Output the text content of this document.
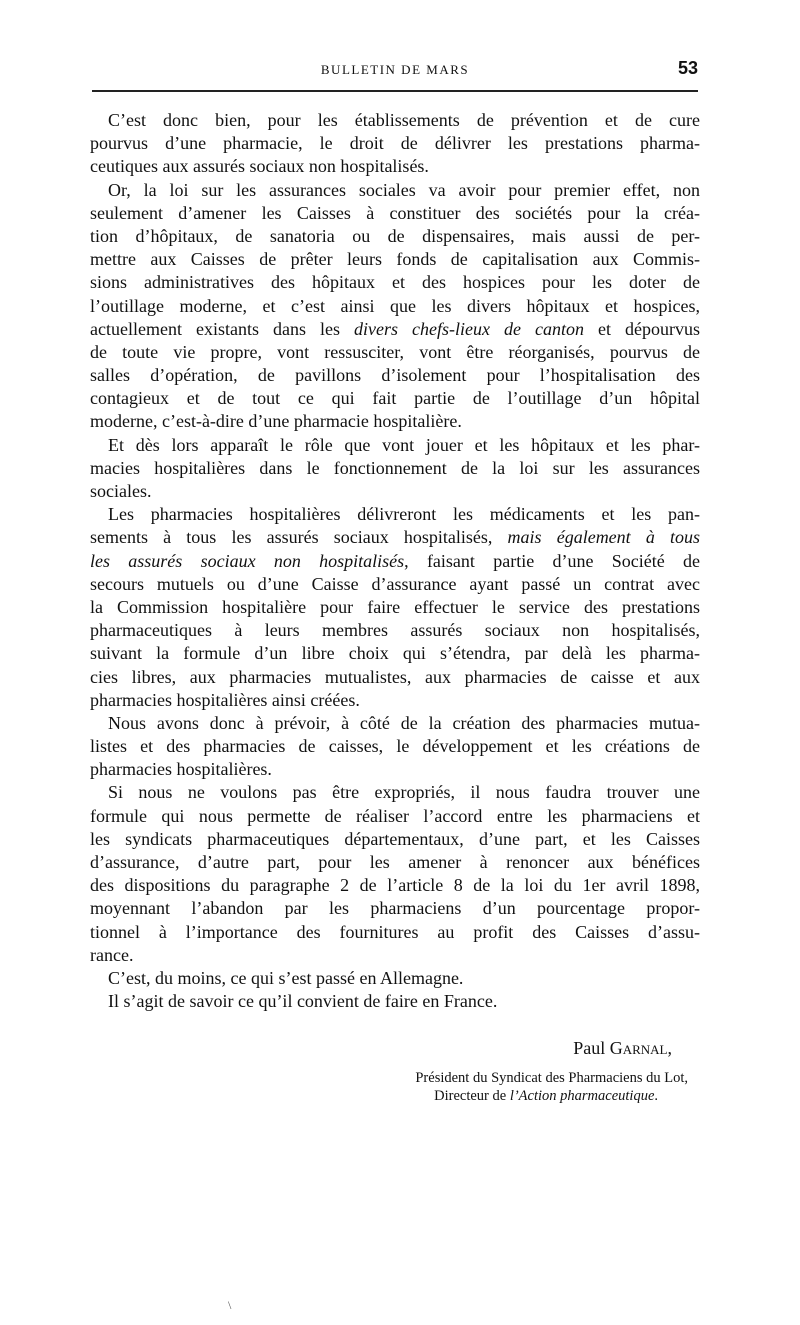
BULLETIN DE MARS	53
C’est donc bien, pour les établissements de prévention et de cure
pourvus d’une pharmacie, le droit de délivrer les prestations pharma-
ceutiques aux assurés sociaux non hospitalisés.
Or, la loi sur les assurances sociales va avoir pour premier effet, non
seulement d’amener les Caisses à constituer des sociétés pour la créa-
tion d’hôpitaux, de sanatoria ou de dispensaires, mais aussi de per-
mettre aux Caisses de prêter leurs fonds de capitalisation aux Commis-
sions administratives des hôpitaux et des hospices pour les doter de
l’outillage moderne, et c’est ainsi que les divers hôpitaux et hospices,
actuellement existants dans les divers chefs-lieux de canton et dépourvus
de toute vie propre, vont ressusciter, vont être réorganisés, pourvus de
salles d’opération, de pavillons d’isolement pour l’hospitalisation des
contagieux et de tout ce qui fait partie de l’outillage d’un hôpital
moderne, c’est-à-dire d’une pharmacie hospitalière.
Et dès lors apparaît le rôle que vont jouer et les hôpitaux et les phar-
macies hospitalières dans le fonctionnement de la loi sur les assurances
sociales.
Les pharmacies hospitalières délivreront les médicaments et les pan-
sements à tous les assurés sociaux hospitalisés, mais également à tous
les assurés sociaux non hospitalisés, faisant partie d’une Société de
secours mutuels ou d’une Caisse d’assurance ayant passé un contrat avec
la Commission hospitalière pour faire effectuer le service des prestations
pharmaceutiques à leurs membres assurés sociaux non hospitalisés,
suivant la formule d’un libre choix qui s’étendra, par delà les pharma-
cies libres, aux pharmacies mutualistes, aux pharmacies de caisse et aux
pharmacies hospitalières ainsi créées.
Nous avons donc à prévoir, à côté de la création des pharmacies mutua-
listes et des pharmacies de caisses, le développement et les créations de
pharmacies hospitalières.
Si nous ne voulons pas être expropriés, il nous faudra trouver une
formule qui nous permette de réaliser l’accord entre les pharmaciens et
les syndicats pharmaceutiques départementaux, d’une part, et les Caisses
d’assurance, d’autre part, pour les amener à renoncer aux bénéfices
des dispositions du paragraphe 2 de l’article 8 de la loi du 1er avril 1898,
moyennant l’abandon par les pharmaciens d’un pourcentage propor-
tionnel à l’importance des fournitures au profit des Caisses d’assu-
rance.
C’est, du moins, ce qui s’est passé en Allemagne.
Il s’agit de savoir ce qu’il convient de faire en France.
Paul Garnal,
Président du Syndicat des Pharmaciens du Lot,
Directeur de l’Action pharmaceutique.
\
